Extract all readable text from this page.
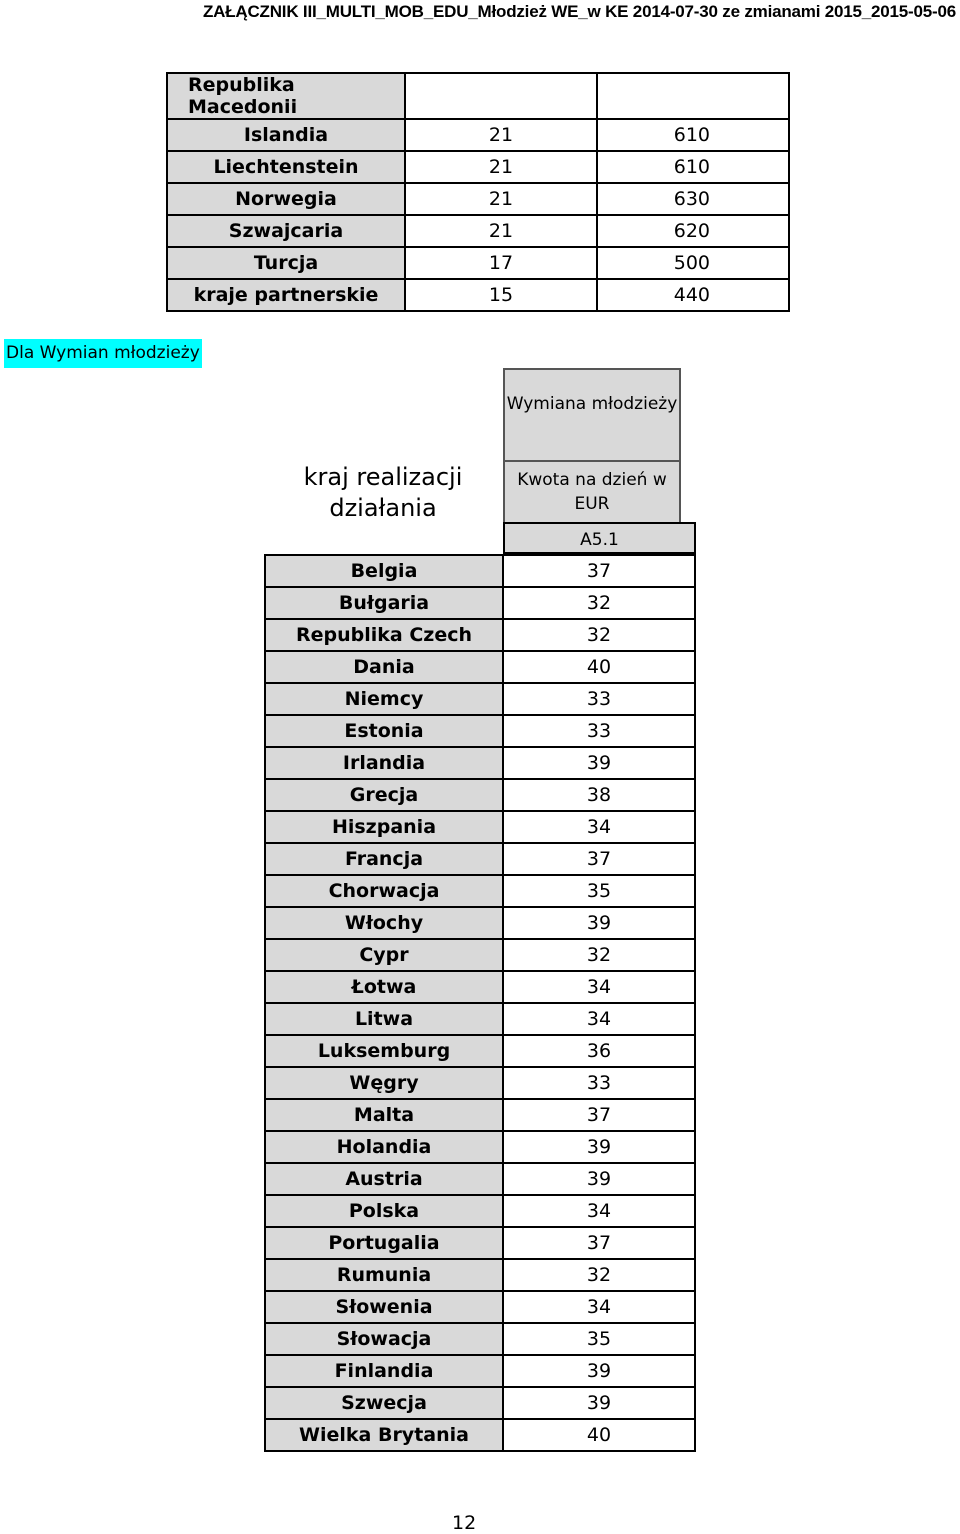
ZAŁĄCZNIK III_MULTI_MOB_EDU_Młodzież WE_w KE 2014-07-30 ze zmianami 2015_2015-05-06
Republika Macedonii		
Islandia	21	610
Liechtenstein	21	610
Norwegia	21	630
Szwajcaria	21	620
Turcja	17	500
kraje partnerskie	15	440
Dla Wymian młodzieży
Wymiana młodzieży
Kwota na dzień w EUR
kraj realizacji działania
A5.1
Belgia	37
Bułgaria	32
Republika Czech	32
Dania	40
Niemcy	33
Estonia	33
Irlandia	39
Grecja	38
Hiszpania	34
Francja	37
Chorwacja	35
Włochy	39
Cypr	32
Łotwa	34
Litwa	34
Luksemburg	36
Węgry	33
Malta	37
Holandia	39
Austria	39
Polska	34
Portugalia	37
Rumunia	32
Słowenia	34
Słowacja	35
Finlandia	39
Szwecja	39
Wielka Brytania	40
12
